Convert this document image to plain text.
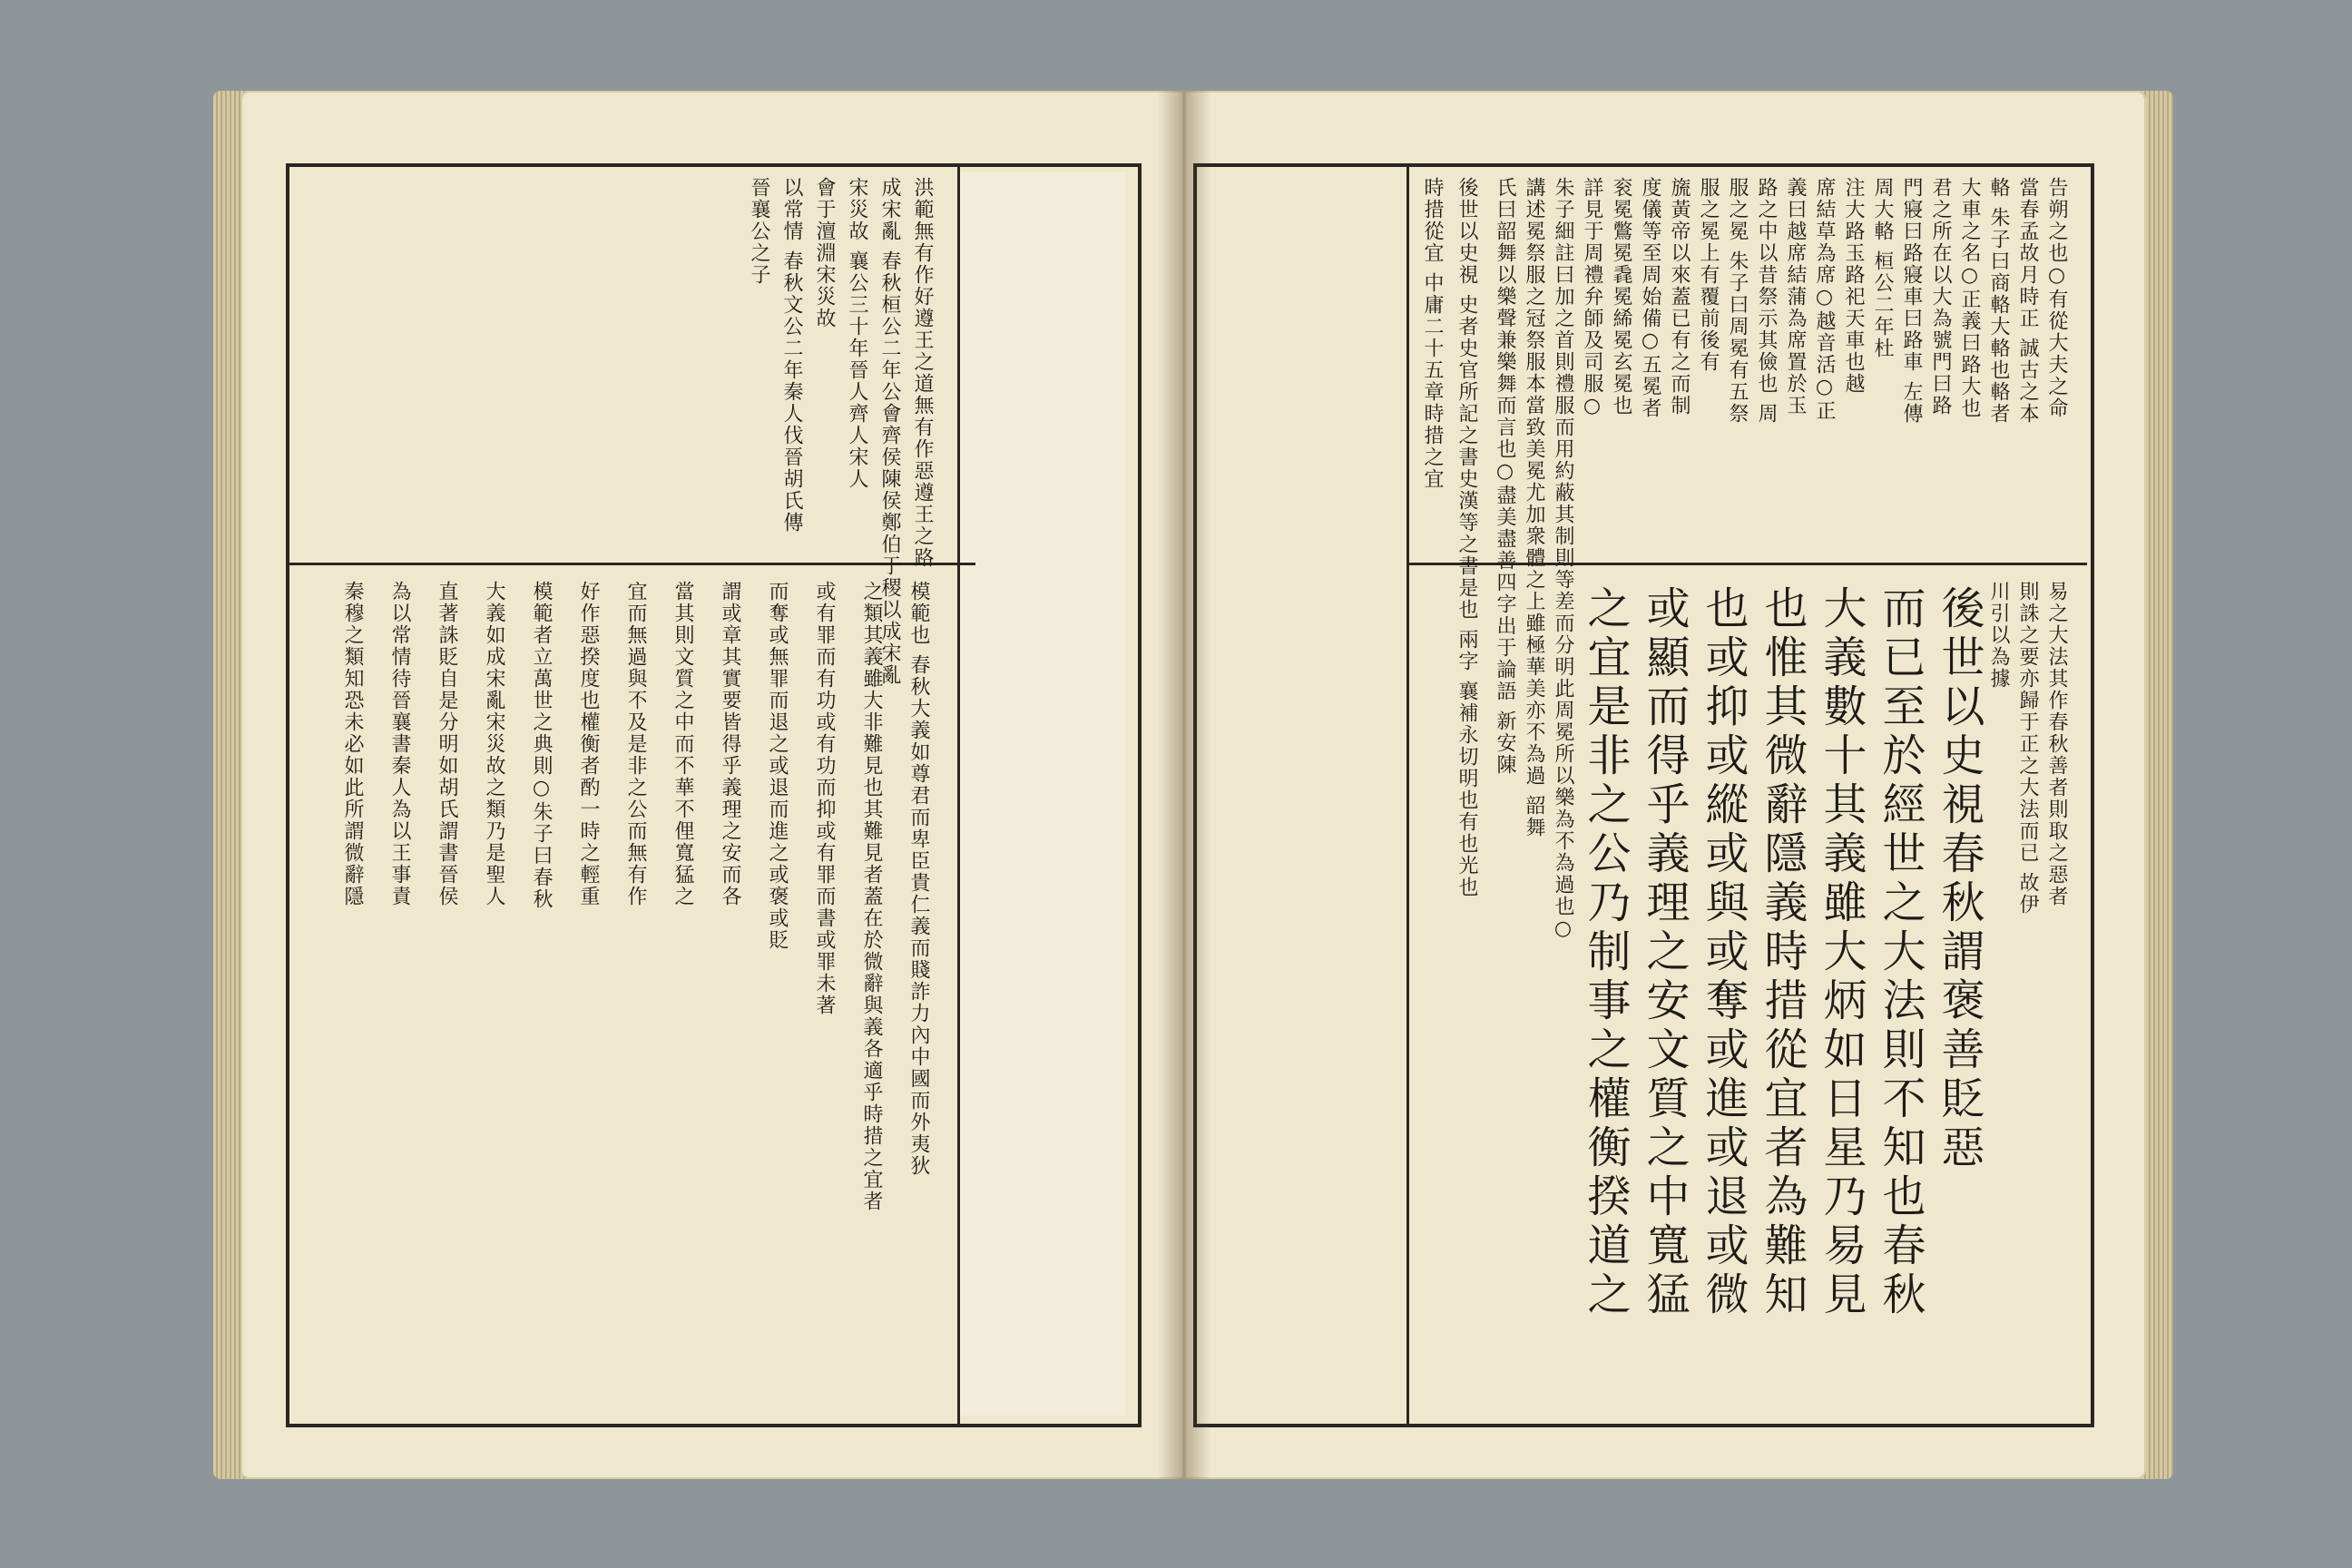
洪範無有作好遵王之道無有作惡遵王之路
成宋亂 春秋桓公二年公會齊侯陳侯鄭伯于稷以成宋亂
宋災故 襄公三十年晉人齊人宋人
會于澶淵宋災故
以常情 春秋文公二年秦人伐晉胡氏傳
晉襄公之子
模範也 春秋大義如尊君而卑臣貴仁義而賤詐力內中國而外夷狄
之類其義雖大非難見也其難見者蓋在於微辭與義各適乎時措之宜者
或有罪而有功或有功而抑或有罪而書或罪未著
而奪或無罪而退之或退而進之或褒或貶
謂或章其實要皆得乎義理之安而各
當其則文質之中而不華不俚寬猛之
宜而無過與不及是非之公而無有作
好作惡揆度也權衡者酌一時之輕重
模範者立萬世之典則○朱子曰春秋
大義如成宋亂宋災故之類乃是聖人
直著誅貶自是分明如胡氏謂書晉侯
為以常情待晉襄書秦人為以王事責
秦穆之類知恐未必如此所謂微辭隱
告朔之也○有從大夫之命
當春孟故月時正 誠古之本
輅 朱子曰商輅大輅也輅者
大車之名○正義曰路大也
君之所在以大為號門曰路
門寢曰路寢車曰路車 左傳
周大輅 桓公二年杜
注大路玉路祀天車也越
席結草為席○越音活○正
義曰越席結蒲為席置於玉
路之中以昔祭示其儉也 周
服之冕 朱子曰周冕有五祭
服之冕上有覆前後有
旒黃帝以來蓋已有之而制
度儀等至周始備○五冕者
衮冕鷩冕毳冕絺冕玄冕也
詳見于周禮弁師及司服○
朱子細註曰加之首則禮服而用約蔽其制則等差而分明此周冕所以樂為不為過也○
講述冕祭服之冠祭服本當致美冕尤加衆體之上雖極華美亦不為過 韶舞
氏曰韶舞以樂聲兼樂舞而言也○盡美盡善四字出于論語 新安陳
後世以史視 史者史官所記之書史漢等之書是也 兩字 襄補永切明也有也光也
時措從宜 中庸二十五章時措之宜
易之大法其作春秋善者則取之惡者
則誅之要亦歸于正之大法而已 故伊
川引以為據
後世以史視春秋謂褒善貶惡
而已至於經世之大法則不知也春秋
大義數十其義雖大炳如日星乃易見
也惟其微辭隱義時措從宜者為難知
也或抑或縱或與或奪或進或退或微
或顯而得乎義理之安文質之中寬猛
之宜是非之公乃制事之權衡揆道之
